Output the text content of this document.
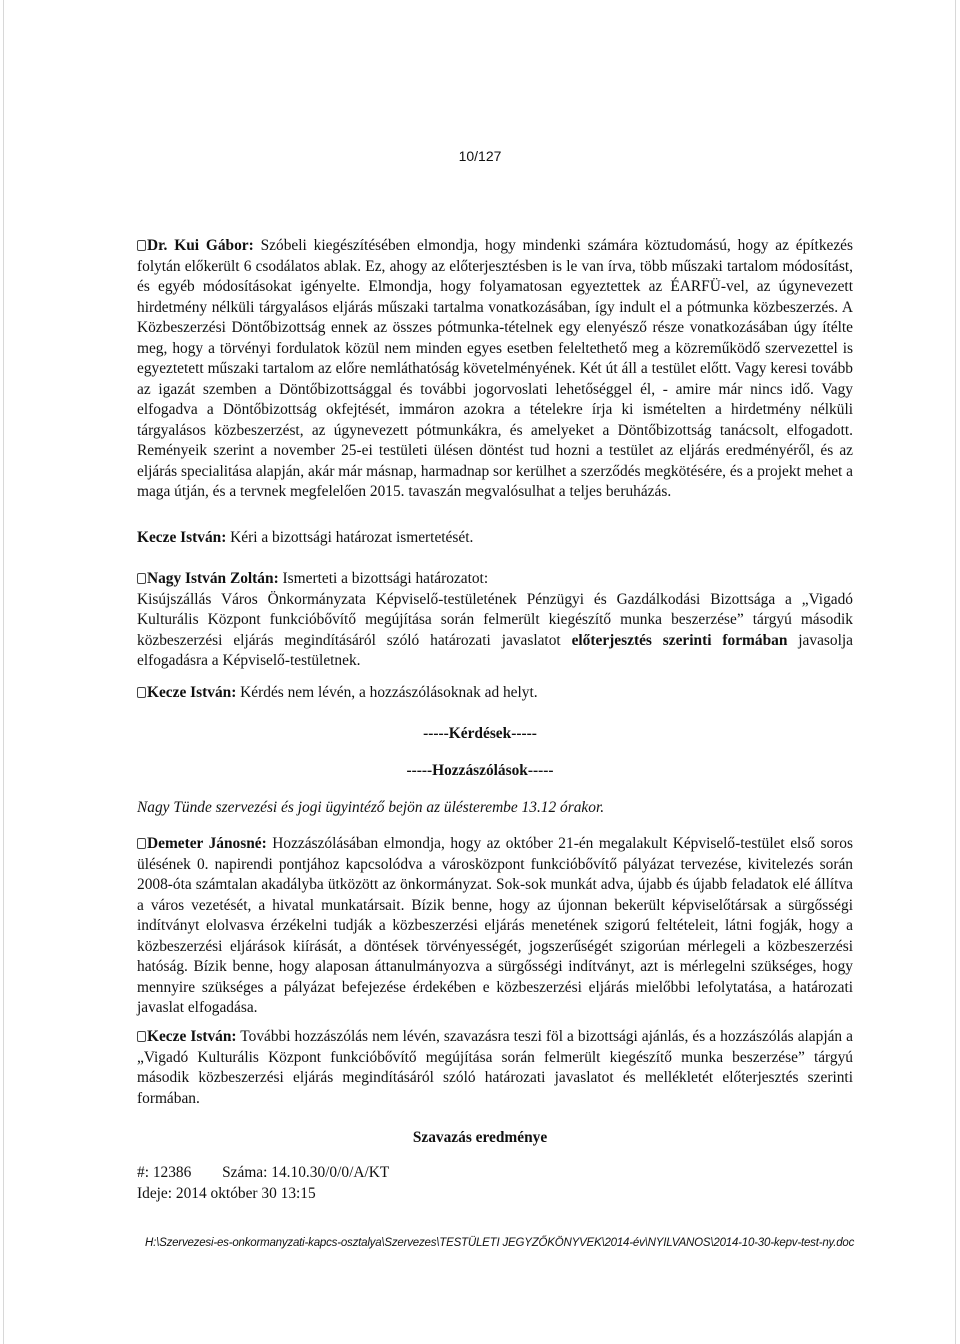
10/127
Dr. Kui Gábor: Szóbeli kiegészítésében elmondja, hogy mindenki számára köztudomású, hogy az építkezés folytán előkerült 6 csodálatos ablak. Ez, ahogy az előterjesztésben is le van írva, több műszaki tartalom módosítást, és egyéb módosításokat igényelte. Elmondja, hogy folyamatosan egyeztettek az ÉARFÜ-vel, az úgynevezett hirdetmény nélküli tárgyalásos eljárás műszaki tartalma vonatkozásában, így indult el a pótmunka közbeszerzés. A Közbeszerzési Döntőbizottság ennek az összes pótmunka-tételnek egy elenyésző része vonatkozásában úgy ítélte meg, hogy a törvényi fordulatok közül nem minden egyes esetben feleltethető meg a közreműködő szervezettel is egyeztetett műszaki tartalom az előre nemláthatóság követelményének. Két út áll a testület előtt. Vagy keresi tovább az igazát szemben a Döntőbizottsággal és további jogorvoslati lehetőséggel él, - amire már nincs idő. Vagy elfogadva a Döntőbizottság okfejtését, immáron azokra a tételekre írja ki ismételten a hirdetmény nélküli tárgyalásos közbeszerzést, az úgynevezett pótmunkákra, és amelyeket a Döntőbizottság tanácsolt, elfogadott. Reményeik szerint a november 25-ei testületi ülésen döntést tud hozni a testület az eljárás eredményéről, és az eljárás specialitása alapján, akár már másnap, harmadnap sor kerülhet a szerződés megkötésére, és a projekt mehet a maga útján, és a tervnek megfelelően 2015. tavaszán megvalósulhat a teljes beruházás.
Kecze István: Kéri a bizottsági határozat ismertetését.
Nagy István Zoltán: Ismerteti a bizottsági határozatot:
Kisújszállás Város Önkormányzata Képviselő-testületének Pénzügyi és Gazdálkodási Bizottsága a „Vigadó Kulturális Központ funkcióbővítő megújítása során felmerült kiegészítő munka beszerzése” tárgyú második közbeszerzési eljárás megindításáról szóló határozati javaslatot előterjesztés szerinti formában javasolja elfogadásra a Képviselő-testületnek.
Kecze István: Kérdés nem lévén, a hozzászólásoknak ad helyt.
-----Kérdések-----
-----Hozzászólások-----
Nagy Tünde szervezési és jogi ügyintéző bejön az ülésterembe 13.12 órakor.
Demeter Jánosné: Hozzászólásában elmondja, hogy az október 21-én megalakult Képviselő-testület első soros ülésének 0. napirendi pontjához kapcsolódva a városközpont funkcióbővítő pályázat tervezése, kivitelezés során 2008-óta számtalan akadályba ütközött az önkormányzat. Sok-sok munkát adva, újabb és újabb feladatok elé állítva a város vezetését, a hivatal munkatársait. Bízik benne, hogy az újonnan bekerült képviselőtársak a sürgősségi indítványt elolvasva érzékelni tudják a közbeszerzési eljárás menetének szigorú feltételeit, látni fogják, hogy a közbeszerzési eljárások kiírását, a döntések törvényességét, jogszerűségét szigorúan mérlegeli a közbeszerzési hatóság. Bízik benne, hogy alaposan áttanulmányozva a sürgősségi indítványt, azt is mérlegelni szükséges, hogy mennyire szükséges a pályázat befejezése érdekében e közbeszerzési eljárás mielőbbi lefolytatása, a határozati javaslat elfogadása.
Kecze István: További hozzászólás nem lévén, szavazásra teszi föl a bizottsági ajánlás, és a hozzászólás alapján a „Vigadó Kulturális Központ funkcióbővítő megújítása során felmerült kiegészítő munka beszerzése” tárgyú második közbeszerzési eljárás megindításáról szóló határozati javaslatot és mellékletét előterjesztés szerinti formában.
Szavazás eredménye
#: 12386 Száma: 14.10.30/0/0/A/KT
Ideje: 2014 október 30 13:15
H:\Szervezesi-es-onkormanyzati-kapcs-osztalya\Szervezes\TESTÜLETI JEGYZŐKÖNYVEK\2014-év\NYILVANOS\2014-10-30-kepv-test-ny.doc
